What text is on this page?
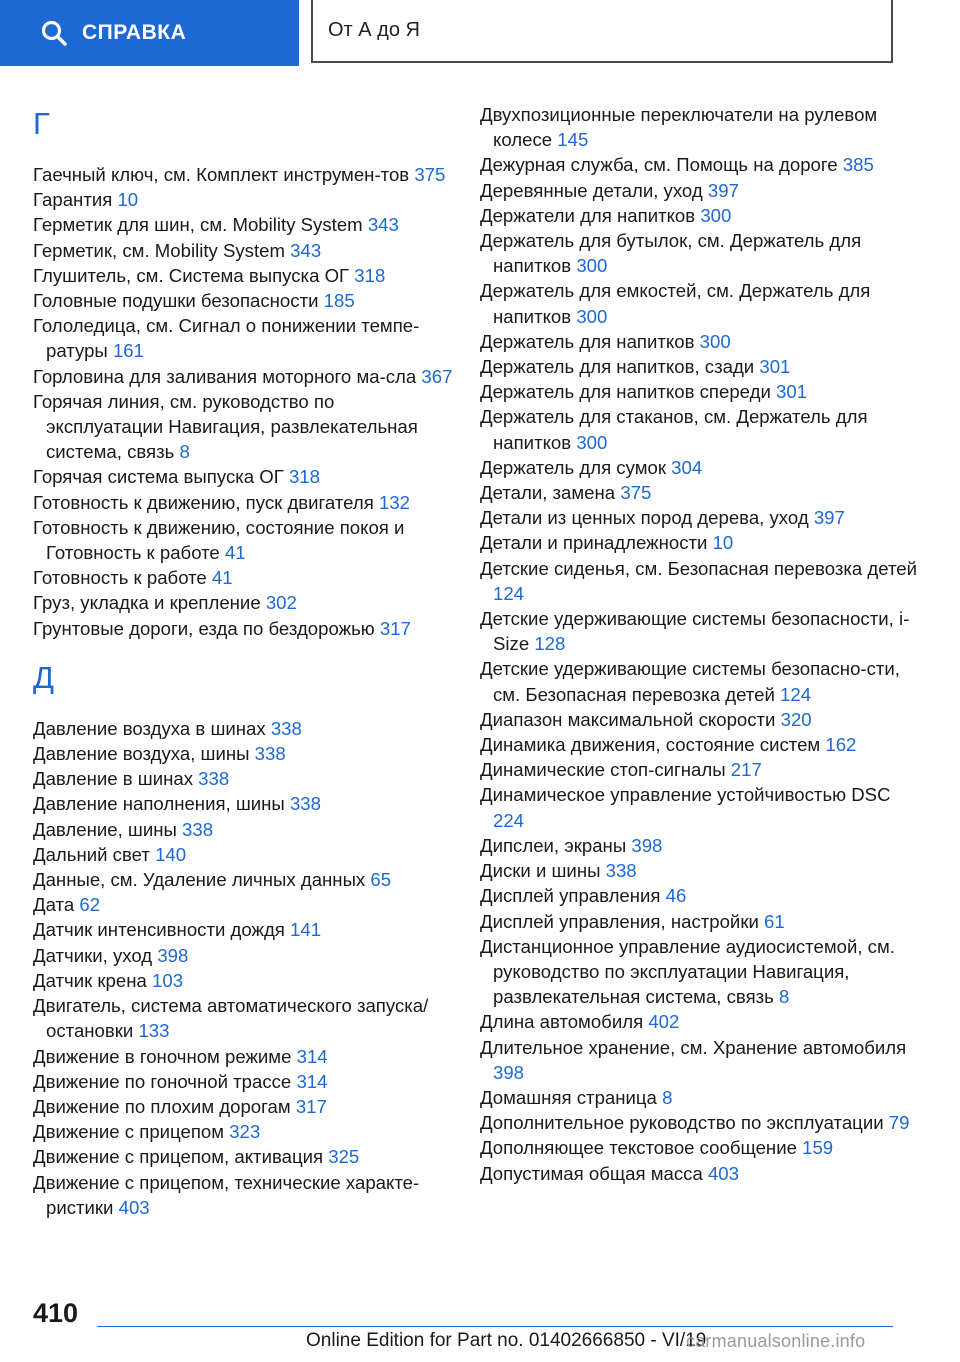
СПРАВКА	От А до Я
Г
Гаечный ключ, см. Комплект инструмен-тов 375
Гарантия 10
Герметик для шин, см. Mobility System 343
Герметик, см. Mobility System 343
Глушитель, см. Система выпуска ОГ 318
Головные подушки безопасности 185
Гололедица, см. Сигнал о понижении темпе-ратуры 161
Горловина для заливания моторного ма-сла 367
Горячая линия, см. руководство по эксплуатации Навигация, развлекательная система, связь 8
Горячая система выпуска ОГ 318
Готовность к движению, пуск двигателя 132
Готовность к движению, состояние покоя и Готовность к работе 41
Готовность к работе 41
Груз, укладка и крепление 302
Грунтовые дороги, езда по бездорожью 317
Д
Давление воздуха в шинах 338
Давление воздуха, шины 338
Давление в шинах 338
Давление наполнения, шины 338
Давление, шины 338
Дальний свет 140
Данные, см. Удаление личных данных 65
Дата 62
Датчик интенсивности дождя 141
Датчики, уход 398
Датчик крена 103
Двигатель, система автоматического запуска/остановки 133
Движение в гоночном режиме 314
Движение по гоночной трассе 314
Движение по плохим дорогам 317
Движение с прицепом 323
Движение с прицепом, активация 325
Движение с прицепом, технические характе-ристики 403
Двухпозиционные переключатели на рулевом колесе 145
Дежурная служба, см. Помощь на дороге 385
Деревянные детали, уход 397
Держатели для напитков 300
Держатель для бутылок, см. Держатель для напитков 300
Держатель для емкостей, см. Держатель для напитков 300
Держатель для напитков 300
Держатель для напитков, сзади 301
Держатель для напитков спереди 301
Держатель для стаканов, см. Держатель для напитков 300
Держатель для сумок 304
Детали, замена 375
Детали из ценных пород дерева, уход 397
Детали и принадлежности 10
Детские сиденья, см. Безопасная перевозка детей 124
Детские удерживающие системы безопасности, i-Size 128
Детские удерживающие системы безопасно-сти, см. Безопасная перевозка детей 124
Диапазон максимальной скорости 320
Динамика движения, состояние систем 162
Динамические стоп-сигналы 217
Динамическое управление устойчивостью DSC 224
Дипслеи, экраны 398
Диски и шины 338
Дисплей управления 46
Дисплей управления, настройки 61
Дистанционное управление аудиосистемой, см. руководство по эксплуатации Навигация, развлекательная система, связь 8
Длина автомобиля 402
Длительное хранение, см. Хранение автомобиля 398
Домашняя страница 8
Дополнительное руководство по эксплуатации 79
Дополняющее текстовое сообщение 159
Допустимая общая масса 403
410
Online Edition for Part no. 01402666850 - VI/19
carmanualsonline.info
